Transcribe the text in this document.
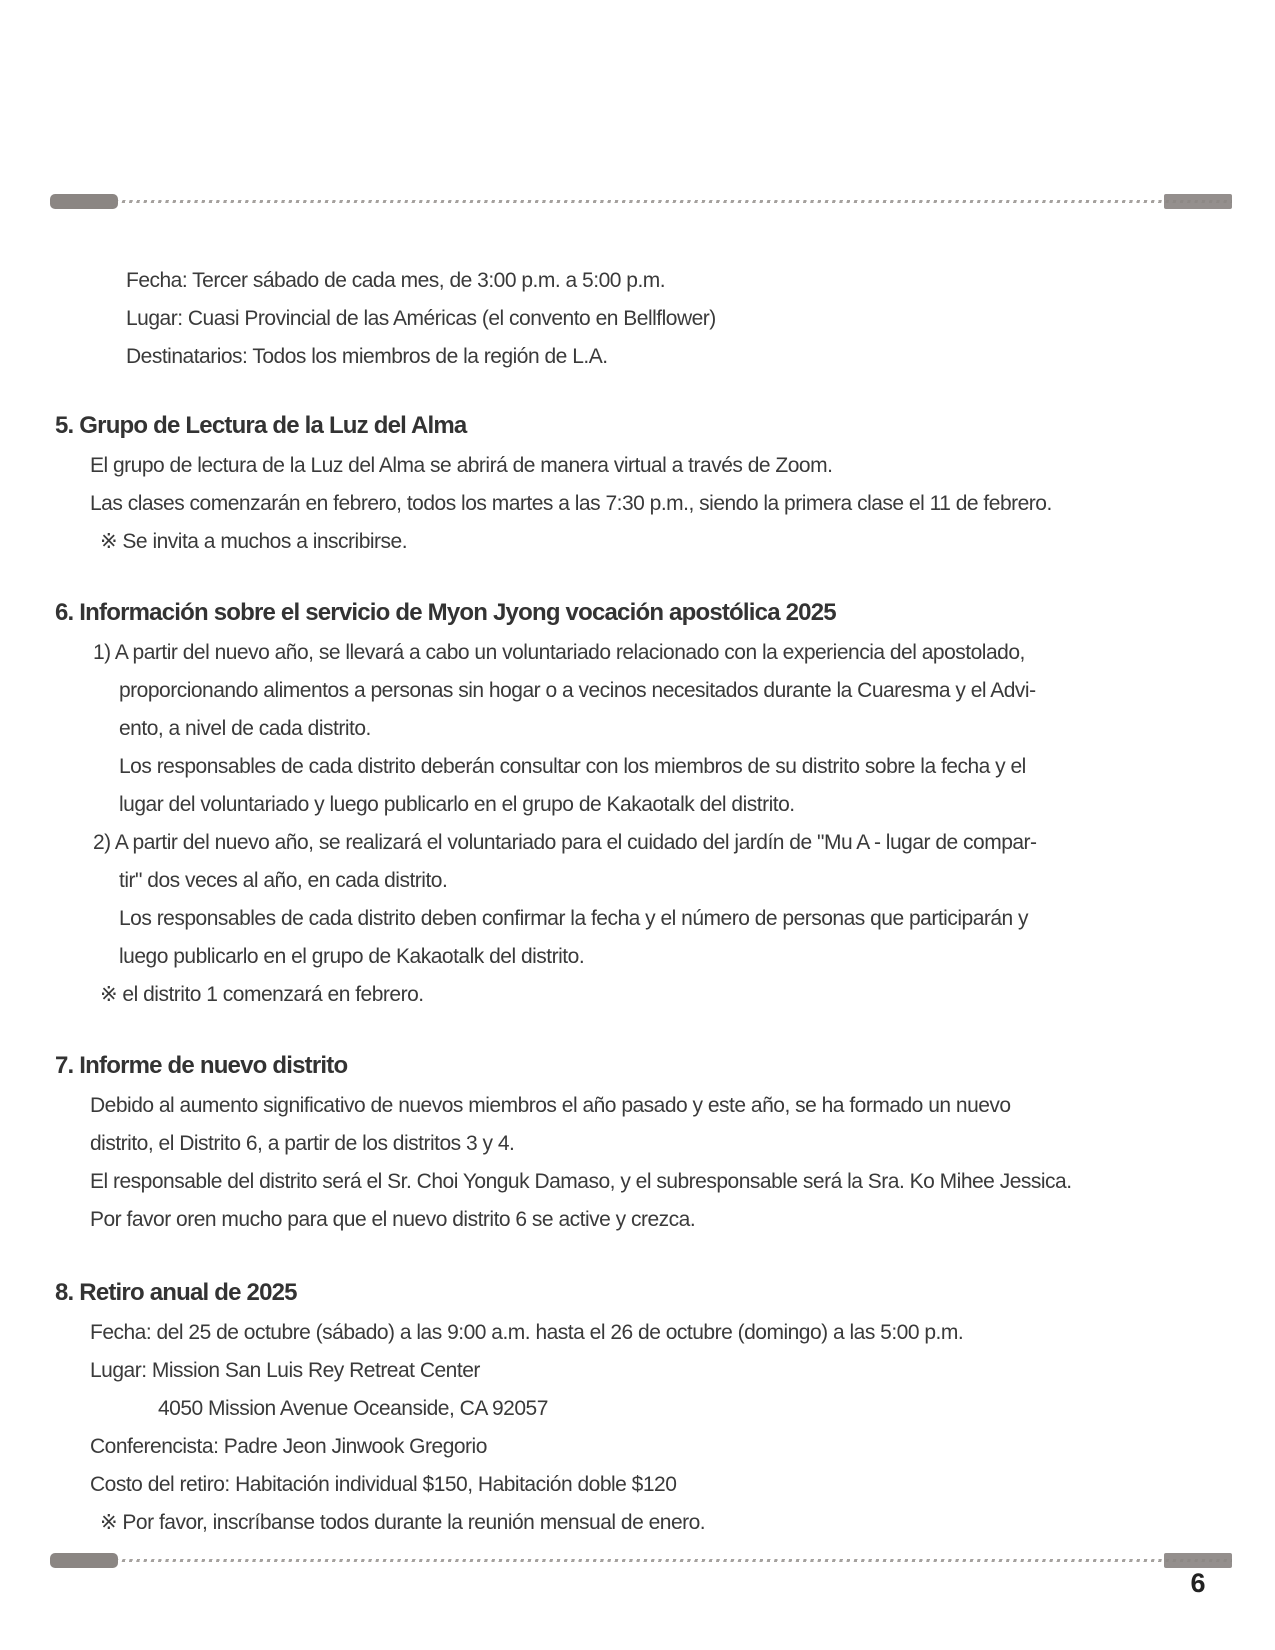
Fecha: Tercer sábado de cada mes, de 3:00 p.m. a 5:00 p.m.
Lugar: Cuasi Provincial de las Américas (el convento en Bellflower)
Destinatarios: Todos los miembros de la región de L.A.
5. Grupo de Lectura de la Luz del Alma
El grupo de lectura de la Luz del Alma se abrirá de manera virtual a través de Zoom.
Las clases comenzarán en febrero, todos los martes a las 7:30 p.m., siendo la primera clase el 11 de febrero.
※ Se invita a muchos a inscribirse.
6. Información sobre el servicio de Myon Jyong vocación apostólica 2025
1) A partir del nuevo año, se llevará a cabo un voluntariado relacionado con la experiencia del apostolado,
proporcionando alimentos a personas sin hogar o a vecinos necesitados durante la Cuaresma y el Advi-
ento, a nivel de cada distrito.
Los responsables de cada distrito deberán consultar con los miembros de su distrito sobre la fecha y el
lugar del voluntariado y luego publicarlo en el grupo de Kakaotalk del distrito.
2) A partir del nuevo año, se realizará el voluntariado para el cuidado del jardín de "Mu A - lugar de compar-
tir" dos veces al año, en cada distrito.
Los responsables de cada distrito deben confirmar la fecha y el número de personas que participarán y
luego publicarlo en el grupo de Kakaotalk del distrito.
※ el distrito 1 comenzará en febrero.
7. Informe de nuevo distrito
Debido al aumento significativo de nuevos miembros el año pasado y este año, se ha formado un nuevo
distrito, el Distrito 6, a partir de los distritos 3 y 4.
El responsable del distrito será el Sr. Choi Yonguk Damaso, y el subresponsable será la Sra. Ko Mihee Jessica.
Por favor oren mucho para que el nuevo distrito 6 se active y crezca.
8. Retiro anual de 2025
Fecha: del 25 de octubre (sábado) a las 9:00 a.m. hasta el 26 de octubre (domingo) a las 5:00 p.m.
Lugar: Mission San Luis Rey Retreat Center
4050 Mission Avenue Oceanside, CA 92057
Conferencista: Padre Jeon Jinwook Gregorio
Costo del retiro: Habitación individual $150, Habitación doble $120
※ Por favor, inscríbanse todos durante la reunión mensual de enero.
6
